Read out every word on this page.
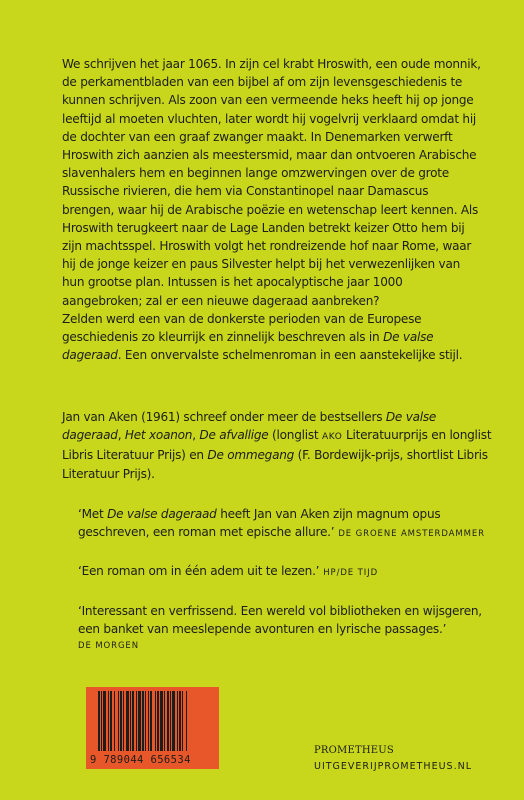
We schrijven het jaar 1065. In zijn cel krabt Hroswith, een oude monnik, de perkamentbladen van een bijbel af om zijn levensgeschiedenis te kunnen schrijven. Als zoon van een vermeende heks heeft hij op jonge leeftijd al moeten vluchten, later wordt hij vogelvrij verklaard omdat hij de dochter van een graaf zwanger maakt. In Denemarken verwerft Hroswith zich aanzien als meestersmid, maar dan ontvoeren Arabische slavenhalers hem en beginnen lange omzwervingen over de grote Russische rivieren, die hem via Constantinopel naar Damascus brengen, waar hij de Arabische poëzie en wetenschap leert kennen. Als Hroswith terugkeert naar de Lage Landen betrekt keizer Otto hem bij zijn machtsspel. Hroswith volgt het rondreizende hof naar Rome, waar hij de jonge keizer en paus Silvester helpt bij het verwezenlijken van hun grootse plan. Intussen is het apocalyptische jaar 1000 aangebroken; zal er een nieuwe dageraad aanbreken?

Zelden werd een van de donkerste perioden van de Europese geschiedenis zo kleurrijk en zinnelijk beschreven als in De valse dageraad. Een onvervalste schelmenroman in een aanstekelijke stijl.

Jan van Aken (1961) schreef onder meer de bestsellers De valse dageraad, Het xoanon, De afvallige (longlist AKO Literatuurprijs en longlist Libris Literatuur Prijs) en De ommegang (F. Bordewijk-prijs, shortlist Libris Literatuur Prijs).

‘Met De valse dageraad heeft Jan van Aken zijn magnum opus geschreven, een roman met epische allure.’ DE GROENE AMSTERDAMMER

‘Een roman om in één adem uit te lezen.’ HP/DE TIJD

‘Interessant en verfrissend. Een wereld vol bibliotheken en wijsgeren, een banket van meeslepende avonturen en lyrische passages.’
DE MORGEN

9 789044 656534
PROMETHEUS
UITGEVERIJPROMETHEUS.NL
